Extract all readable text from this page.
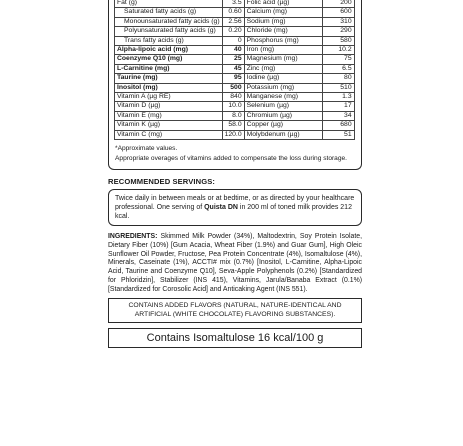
Fat (g)	3.5	Folic acid (µg)	200
Saturated fatty acids (g)	0.60	Calcium (mg)	600
Monounsaturated fatty acids (g)	2.56	Sodium (mg)	310
Polyunsaturated fatty acids (g)	0.20	Chloride (mg)	290
Trans fatty acids (g)	0	Phosphorus (mg)	580
Alpha-lipoic acid (mg)	40	Iron (mg)	10.2
Coenzyme Q10 (mg)	25	Magnesium (mg)	75
L-Carnitine (mg)	45	Zinc (mg)	6.5
Taurine (mg)	95	Iodine (µg)	80
Inositol (mg)	500	Potassium (mg)	510
Vitamin A (µg RE)	840	Manganese (mg)	1.3
Vitamin D (µg)	10.0	Selenium (µg)	17
Vitamin E (mg)	8.0	Chromium (µg)	34
Vitamin K (µg)	58.0	Copper (µg)	680
Vitamin C (mg)	120.0	Molybdenum (µg)	51
*Approximate values.
Appropriate overages of vitamins added to compensate the loss during storage.
RECOMMENDED SERVINGS:
Twice daily in between meals or at bedtime, or as directed by your healthcare professional. One serving of Quista DN in 200 ml of toned milk provides 212 kcal.
INGREDIENTS: Skimmed Milk Powder (34%), Maltodextrin, Soy Protein Isolate, Dietary Fiber (10%) [Gum Acacia, Wheat Fiber (1.9%) and Guar Gum], High Oleic Sunflower Oil Powder, Fructose, Pea Protein Concentrate (4%), Isomaltulose (4%), Minerals, Caseinate (1%), ACCTI# mix (0.7%) [Inositol, L-Carnitine, Alpha-Lipoic Acid, Taurine and Coenzyme Q10], Seva-Apple Polyphenols (0.2%) [Standardized for Phloridzin], Stabilizer (INS 415), Vitamins, Jarula/Banaba Extract (0.1%) [Standardized for Corosolic Acid] and Anticaking Agent (INS 551).
CONTAINS ADDED FLAVORS (NATURAL, NATURE-IDENTICAL AND ARTIFICIAL (WHITE CHOCOLATE) FLAVORING SUBSTANCES).
Contains Isomaltulose 16 kcal/100 g
